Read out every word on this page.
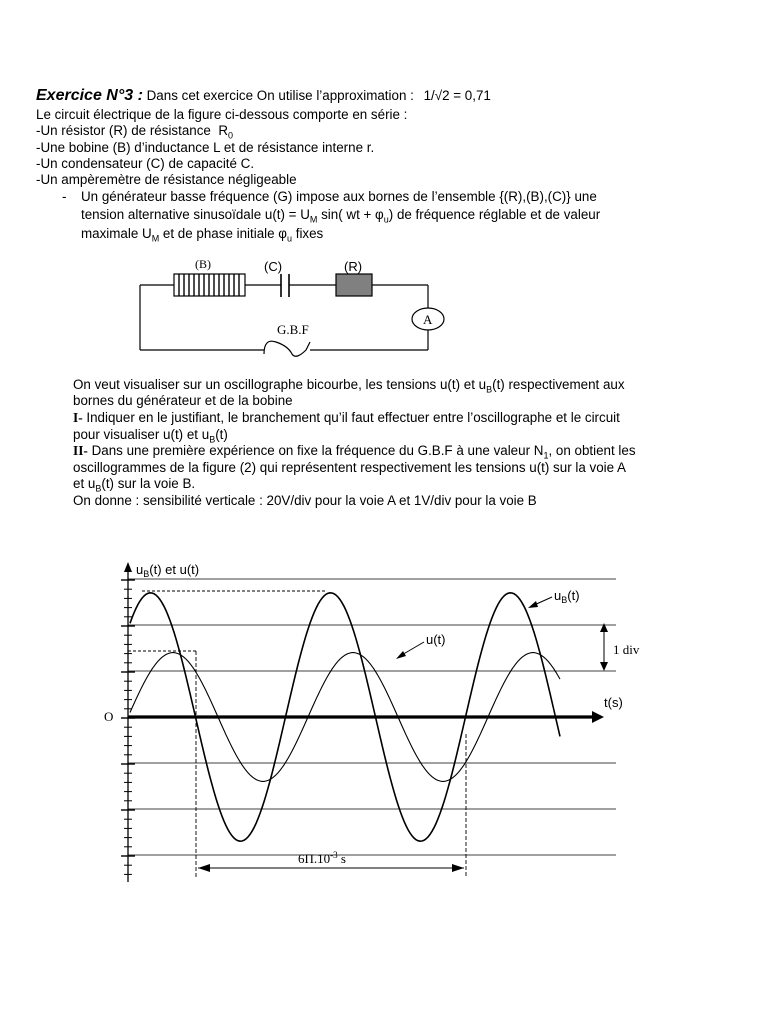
Exercice N°3 : Dans cet exercice On utilise l’approximation : 1/√2 = 0,71
Le circuit électrique de la figure ci-dessous comporte en série :
-Un résistor (R) de résistance $R_0$
-Une bobine (B) d’inductance L et de résistance interne r.
-Un condensateur (C) de capacité C.
-Un ampèremètre de résistance négligeable
- Un générateur basse fréquence (G) impose aux bornes de l’ensemble {(R),(B),(C)} une
tension alternative sinusoïdale $u(t) = U_M$ sin( wt + $\varphi_u$) de fréquence réglable et de valeur
maximale $U_M$ et de phase initiale $\varphi_u$ fixes
(B)	(C)	(R)
A
G.B.F
On veut visualiser sur un oscillographe bicourbe, les tensions u(t) et $u_B(t)$ respectivement aux
bornes du générateur et de la bobine
I- Indiquer en le justifiant, le branchement qu’il faut effectuer entre l’oscillographe et le circuit
pour visualiser u(t) et $u_B(t)$
II- Dans une première expérience on fixe la fréquence du G.B.F à une valeur $N_1$, on obtient les
oscillogrammes de la figure (2) qui représentent respectivement les tensions u(t) sur la voie A
et $u_B(t)$ sur la voie B.
On donne : sensibilité verticale : 20V/div pour la voie A et 1V/div pour la voie B
$6\Pi.10^{-3}$ s
1 div
$u_B(t)$ et u(t)
$u_B(t)$
u(t)
t(s)
O
